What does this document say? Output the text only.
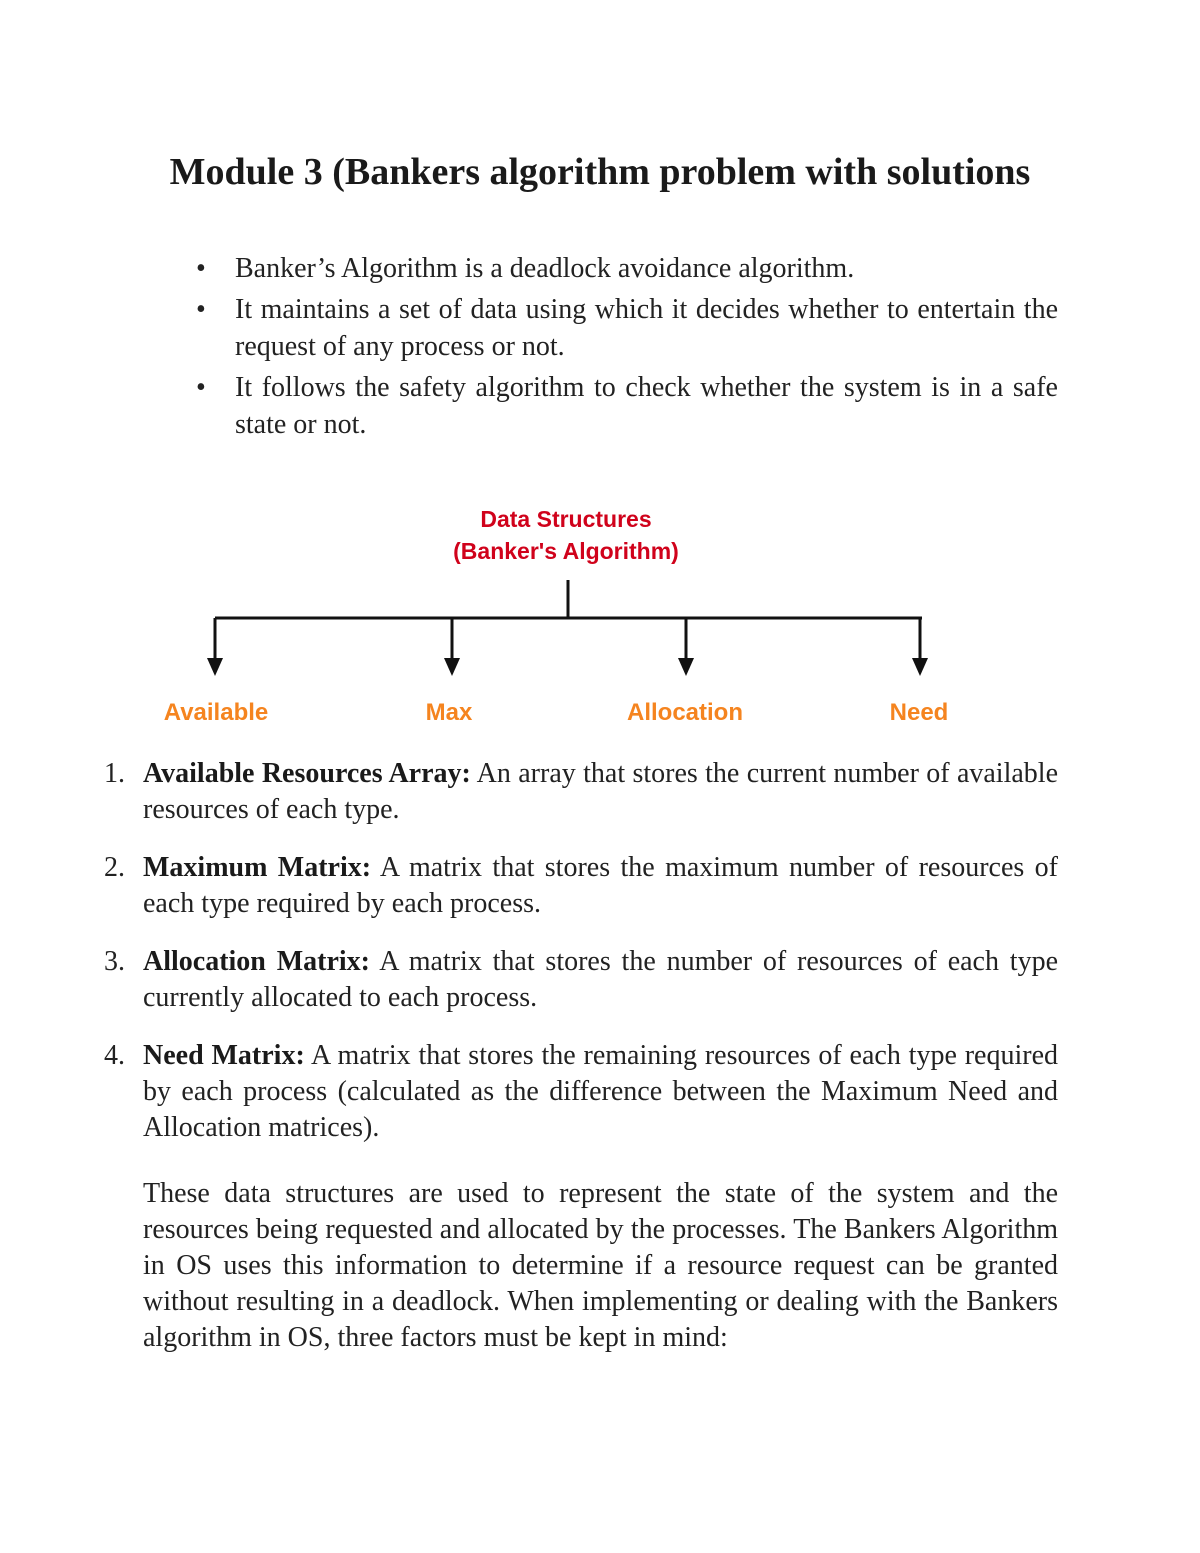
Module 3 (Bankers algorithm problem with solutions
• Banker’s Algorithm is a deadlock avoidance algorithm.
• It maintains a set of data using which it decides whether to entertain the request of any process or not.
• It follows the safety algorithm to check whether the system is in a safe state or not.
Data Structures
(Banker's Algorithm)
Available	Max	Allocation	Need
1. Available Resources Array: An array that stores the current number of available resources of each type.
2. Maximum Matrix: A matrix that stores the maximum number of resources of each type required by each process.
3. Allocation Matrix: A matrix that stores the number of resources of each type currently allocated to each process.
4. Need Matrix: A matrix that stores the remaining resources of each type required by each process (calculated as the difference between the Maximum Need and Allocation matrices).

These data structures are used to represent the state of the system and the resources being requested and allocated by the processes. The Bankers Algorithm in OS uses this information to determine if a resource request can be granted without resulting in a deadlock. When implementing or dealing with the Bankers algorithm in OS, three factors must be kept in mind:
